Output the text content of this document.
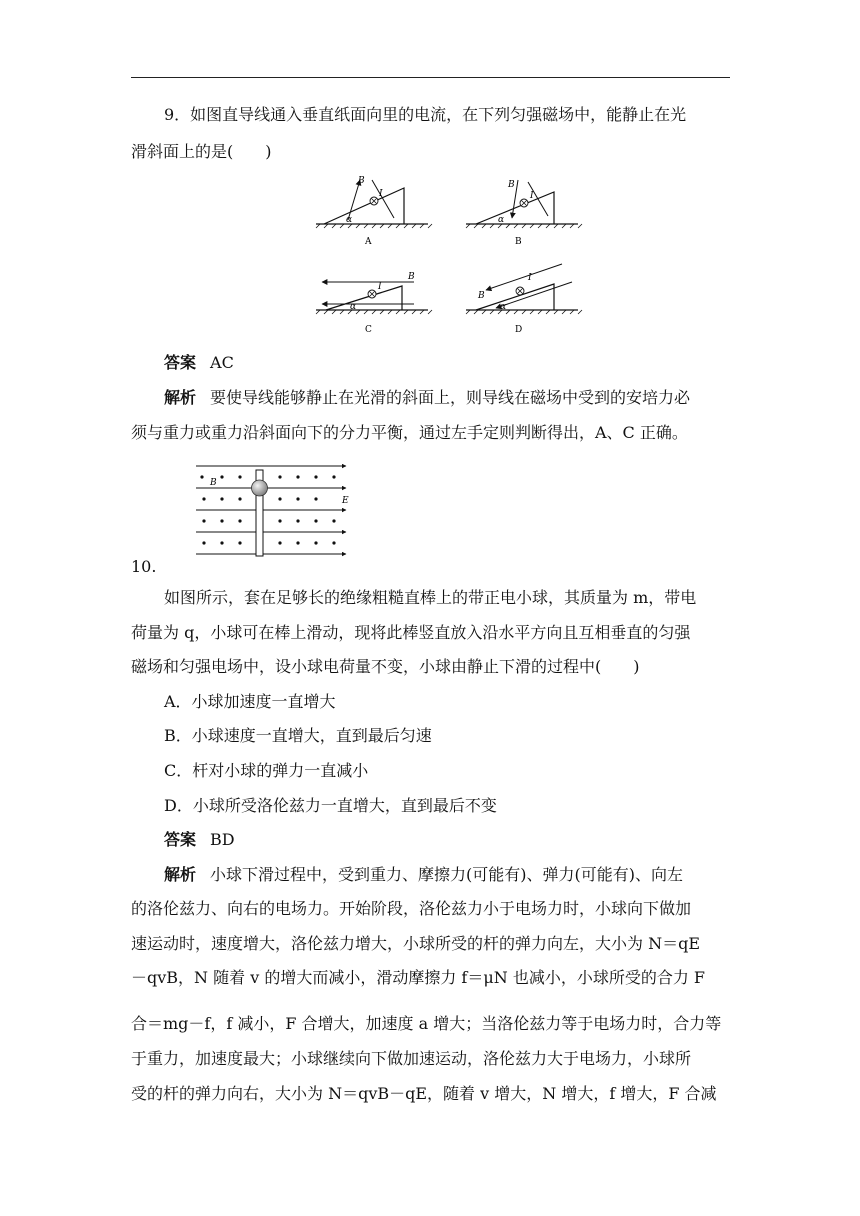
9．如图直导线通入垂直纸面向里的电流，在下列匀强磁场中，能静止在光
滑斜面上的是(　　)
B
I
α
A
B
I
α
B
B
I
α
C
B
I
α
D
答案 AC
解析 要使导线能够静止在光滑的斜面上，则导线在磁场中受到的安培力必
须与重力或重力沿斜面向下的分力平衡，通过左手定则判断得出，A、C 正确。
B
E
10.
如图所示，套在足够长的绝缘粗糙直棒上的带正电小球，其质量为 m，带电
荷量为 q，小球可在棒上滑动，现将此棒竖直放入沿水平方向且互相垂直的匀强
磁场和匀强电场中，设小球电荷量不变，小球由静止下滑的过程中(　　)
A．小球加速度一直增大
B．小球速度一直增大，直到最后匀速
C．杆对小球的弹力一直减小
D．小球所受洛伦兹力一直增大，直到最后不变
答案 BD
解析 小球下滑过程中，受到重力、摩擦力(可能有)、弹力(可能有)、向左
的洛伦兹力、向右的电场力。开始阶段，洛伦兹力小于电场力时，小球向下做加
速运动时，速度增大，洛伦兹力增大，小球所受的杆的弹力向左，大小为 N＝qE
－qvB，N 随着 v 的增大而减小，滑动摩擦力 f＝μN 也减小，小球所受的合力 F
合＝mg－f，f 减小，F 合增大，加速度 a 增大；当洛伦兹力等于电场力时，合力等
于重力，加速度最大；小球继续向下做加速运动，洛伦兹力大于电场力，小球所
受的杆的弹力向右，大小为 N＝qvB－qE，随着 v 增大，N 增大，f 增大，F 合减
